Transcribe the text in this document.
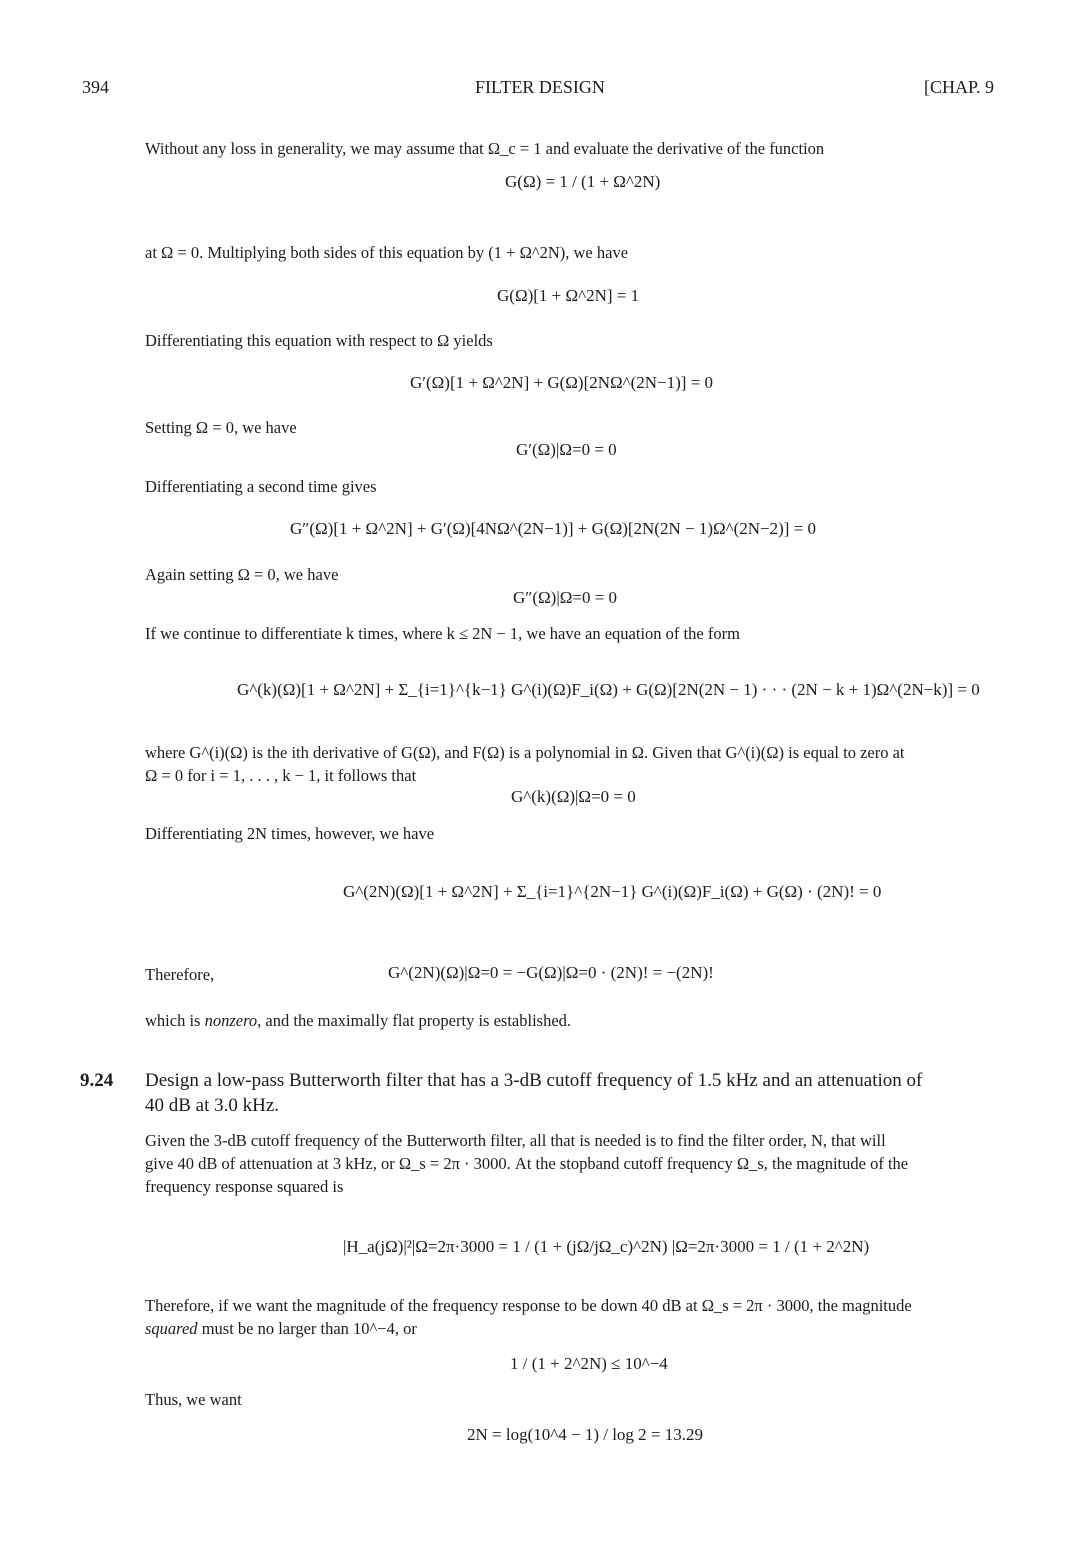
394	FILTER DESIGN	[CHAP. 9
Without any loss in generality, we may assume that Ω_c = 1 and evaluate the derivative of the function
G(Ω) = 1 / (1 + Ω^2N)
at Ω = 0. Multiplying both sides of this equation by (1 + Ω^2N), we have
G(Ω)[1 + Ω^2N] = 1
Differentiating this equation with respect to Ω yields
G′(Ω)[1 + Ω^2N] + G(Ω)[2NΩ^(2N−1)] = 0
Setting Ω = 0, we have
G′(Ω)|Ω=0 = 0
Differentiating a second time gives
G″(Ω)[1 + Ω^2N] + G′(Ω)[4NΩ^(2N−1)] + G(Ω)[2N(2N − 1)Ω^(2N−2)] = 0
Again setting Ω = 0, we have
G″(Ω)|Ω=0 = 0
If we continue to differentiate k times, where k ≤ 2N − 1, we have an equation of the form
G^(k)(Ω)[1 + Ω^2N] + Σ_{i=1}^{k−1} G^(i)(Ω)F_i(Ω) + G(Ω)[2N(2N − 1) · · · (2N − k + 1)Ω^(2N−k)] = 0
where G^(i)(Ω) is the ith derivative of G(Ω), and F(Ω) is a polynomial in Ω. Given that G^(i)(Ω) is equal to zero at
Ω = 0 for i = 1, . . . , k − 1, it follows that
G^(k)(Ω)|Ω=0 = 0
Differentiating 2N times, however, we have
G^(2N)(Ω)[1 + Ω^2N] + Σ_{i=1}^{2N−1} G^(i)(Ω)F_i(Ω) + G(Ω) · (2N)! = 0
Therefore,	G^(2N)(Ω)|Ω=0 = −G(Ω)|Ω=0 · (2N)! = −(2N)!
which is nonzero, and the maximally flat property is established.
9.24 Design a low-pass Butterworth filter that has a 3-dB cutoff frequency of 1.5 kHz and an attenuation of
40 dB at 3.0 kHz.
Given the 3-dB cutoff frequency of the Butterworth filter, all that is needed is to find the filter order, N, that will
give 40 dB of attenuation at 3 kHz, or Ω_s = 2π · 3000. At the stopband cutoff frequency Ω_s, the magnitude of the
frequency response squared is
|H_a(jΩ)|²|Ω=2π·3000 = 1 / (1 + (jΩ/jΩ_c)^2N) |Ω=2π·3000 = 1 / (1 + 2^2N)
Therefore, if we want the magnitude of the frequency response to be down 40 dB at Ω_s = 2π · 3000, the magnitude
squared must be no larger than 10^−4, or
1 / (1 + 2^2N) ≤ 10^−4
Thus, we want
2N = log(10^4 − 1) / log 2 = 13.29
